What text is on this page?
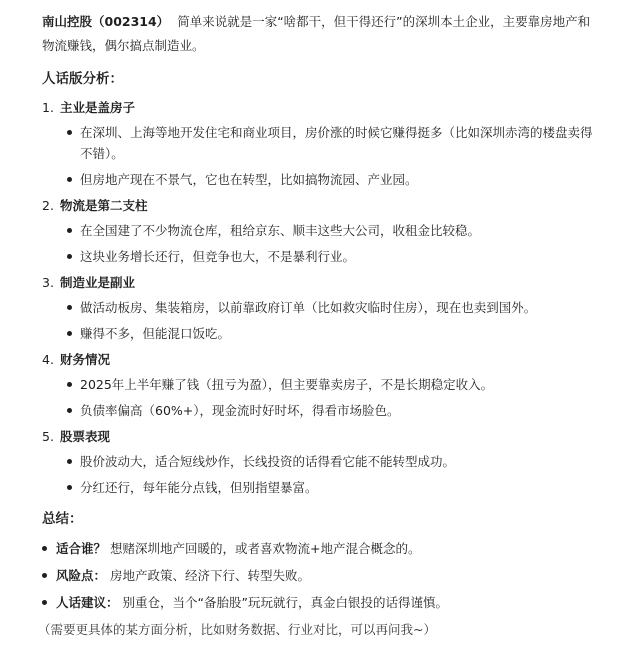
南山控股（002314） 简单来说就是一家“啥都干，但干得还行”的深圳本土企业，主要靠房地产和物流赚钱，偶尔搞点制造业。

人话版分析：
1. 主业是盖房子
在深圳、上海等地开发住宅和商业项目，房价涨的时候它赚得挺多（比如深圳赤湾的楼盘卖得不错）。
但房地产现在不景气，它也在转型，比如搞物流园、产业园。
2. 物流是第二支柱
在全国建了不少物流仓库，租给京东、顺丰这些大公司，收租金比较稳。
这块业务增长还行，但竞争也大，不是暴利行业。
3. 制造业是副业
做活动板房、集装箱房，以前靠政府订单（比如救灾临时住房），现在也卖到国外。
赚得不多，但能混口饭吃。
4. 财务情况
2025年上半年赚了钱（扭亏为盈），但主要靠卖房子，不是长期稳定收入。
负债率偏高（60%+），现金流时好时坏，得看市场脸色。
5. 股票表现
股价波动大，适合短线炒作，长线投资的话得看它能不能转型成功。
分红还行，每年能分点钱，但别指望暴富。
总结：
适合谁？ 想赌深圳地产回暖的，或者喜欢物流+地产混合概念的。
风险点： 房地产政策、经济下行、转型失败。
人话建议： 别重仓，当个“备胎股”玩玩就行，真金白银投的话得谨慎。
（需要更具体的某方面分析，比如财务数据、行业对比，可以再问我~）
